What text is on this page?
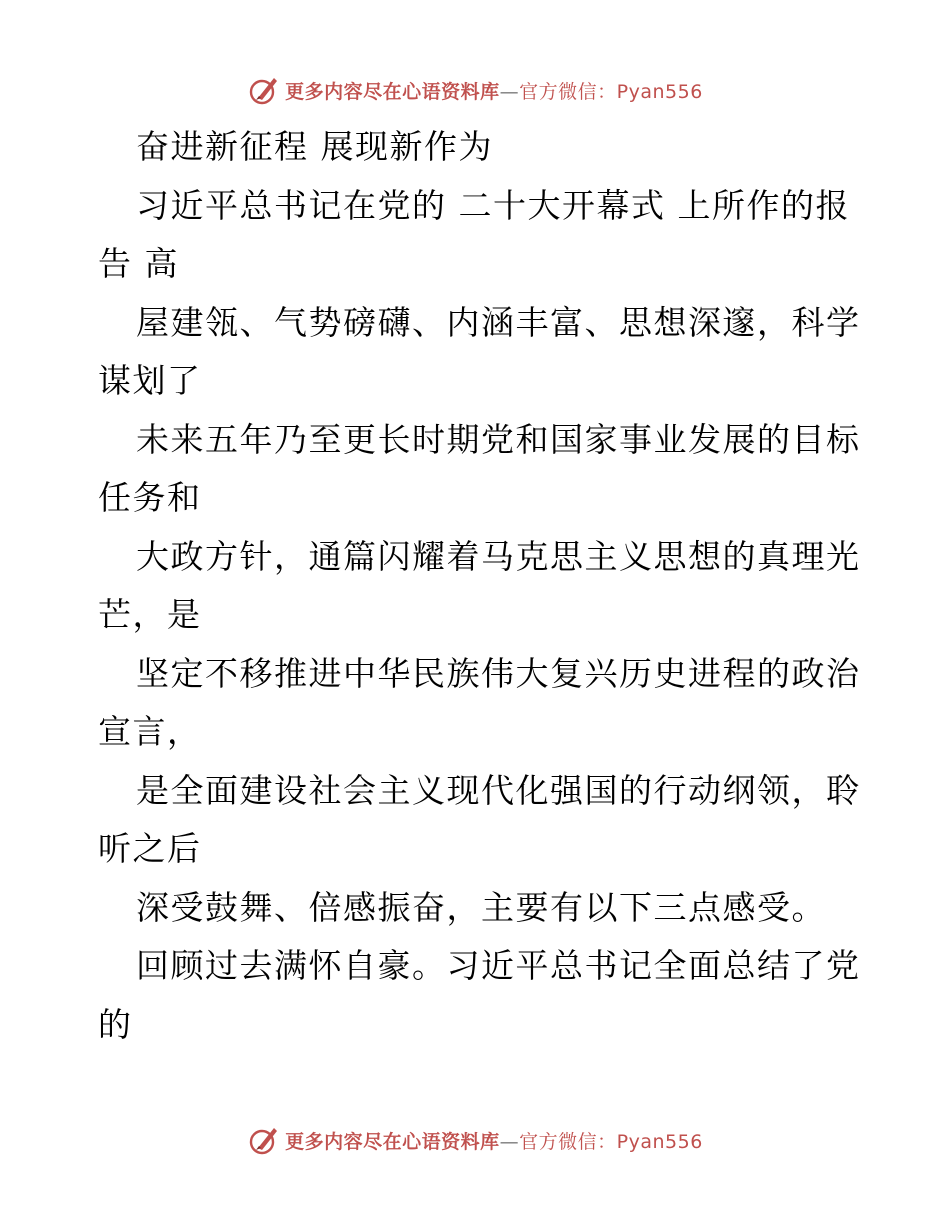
更多内容尽在心语资料库—官方微信：Pyan556
奋进新征程 展现新作为
习近平总书记在党的 二十大开幕式 上所作的报
告 高
屋建瓴、气势磅礴、内涵丰富、思想深邃，科学
谋划了
未来五年乃至更长时期党和国家事业发展的目标
任务和
大政方针，通篇闪耀着马克思主义思想的真理光
芒，是
坚定不移推进中华民族伟大复兴历史进程的政治
宣言，
是全面建设社会主义现代化强国的行动纲领，聆
听之后
深受鼓舞、倍感振奋，主要有以下三点感受。
回顾过去满怀自豪。习近平总书记全面总结了党
的
更多内容尽在心语资料库—官方微信：Pyan556
